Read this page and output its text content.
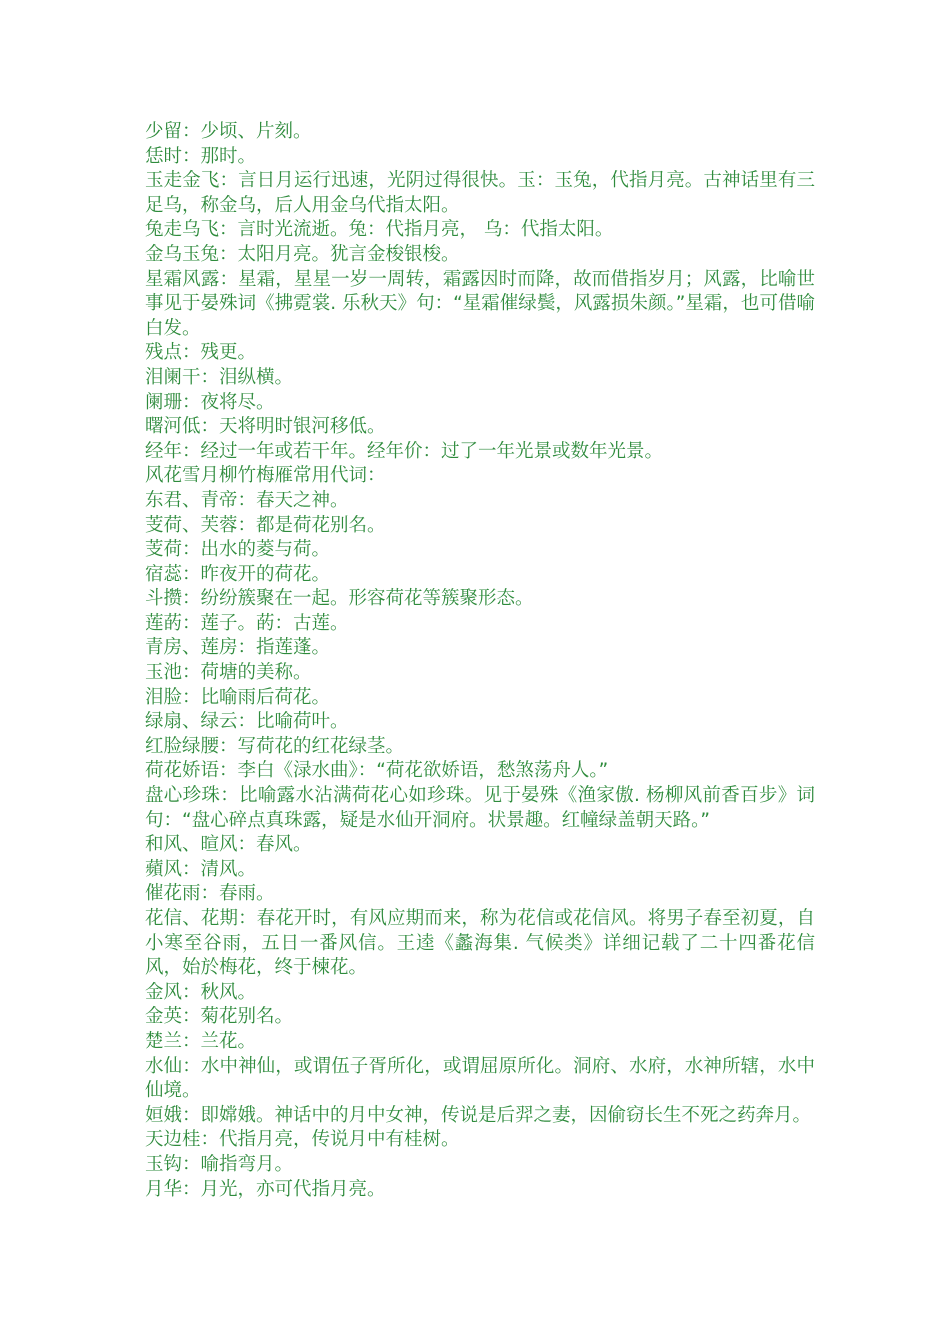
少留：少顷、片刻。

恁时：那时。

玉走金飞：言日月运行迅速，光阴过得很快。玉：玉兔，代指月亮。古神话里有三足乌，称金乌，后人用金乌代指太阳。

兔走乌飞：言时光流逝。兔：代指月亮， 乌：代指太阳。

金乌玉兔：太阳月亮。犹言金梭银梭。

星霜风露：星霜，星星一岁一周转，霜露因时而降，故而借指岁月；风露，比喻世事见于晏殊词《拂霓裳. 乐秋天》句：“星霜催绿鬓，风露损朱颜。”星霜，也可借喻白发。

残点：残更。

泪阑干：泪纵横。

阑珊：夜将尽。

曙河低：天将明时银河移低。

经年：经过一年或若干年。经年价：过了一年光景或数年光景。

风花雪月柳竹梅雁常用代词：

东君、青帝：春天之神。

芰荷、芙蓉：都是荷花别名。

芰荷：出水的菱与荷。

宿蕊：昨夜开的荷花。

斗攒：纷纷簇聚在一起。形容荷花等簇聚形态。

莲菂：莲子。菂：古莲。

青房、莲房：指莲蓬。

玉池：荷塘的美称。

泪脸：比喻雨后荷花。

绿扇、绿云：比喻荷叶。

红脸绿腰：写荷花的红花绿茎。

荷花娇语：李白《渌水曲》：“荷花欲娇语，愁煞荡舟人。”

盘心珍珠：比喻露水沾满荷花心如珍珠。见于晏殊《渔家傲. 杨柳风前香百步》词句：“盘心碎点真珠露，疑是水仙开洞府。状景趣。红幢绿盖朝天路。”

和风、暄风：春风。

蘋风：清风。

催花雨：春雨。

花信、花期：春花开时，有风应期而来，称为花信或花信风。将男子春至初夏，自小寒至谷雨，五日一番风信。王逵《蠡海集. 气候类》详细记载了二十四番花信风，始於梅花，终于楝花。

金风：秋风。

金英：菊花别名。

楚兰：兰花。

水仙：水中神仙，或谓伍子胥所化，或谓屈原所化。洞府、水府，水神所辖，水中仙境。

姮娥：即嫦娥。神话中的月中女神，传说是后羿之妻，因偷窃长生不死之药奔月。

天边桂：代指月亮，传说月中有桂树。

玉钩：喻指弯月。

月华：月光，亦可代指月亮。
